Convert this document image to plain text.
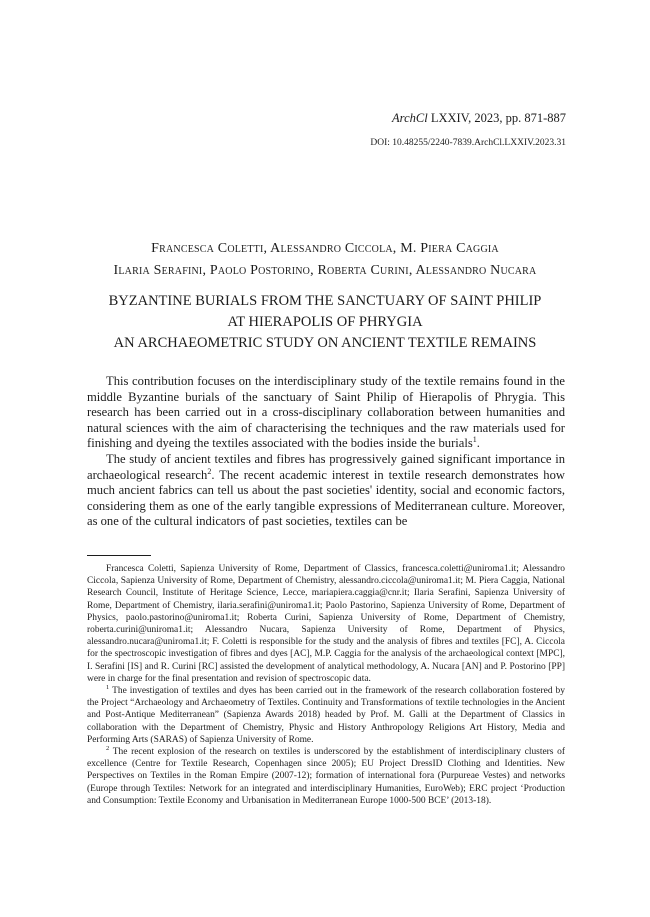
ArchCl LXXIV, 2023, pp. 871-887
DOI: 10.48255/2240-7839.ArchCl.LXXIV.2023.31
Francesca Coletti, Alessandro Ciccola, M. Piera Caggia
Ilaria Serafini, Paolo Postorino, Roberta Curini, Alessandro Nucara
BYZANTINE BURIALS FROM THE SANCTUARY OF SAINT PHILIP
AT HIERAPOLIS OF PHRYGIA
AN ARCHAEOMETRIC STUDY ON ANCIENT TEXTILE REMAINS

This contribution focuses on the interdisciplinary study of the textile remains found in the middle Byzantine burials of the sanctuary of Saint Philip of Hierapolis of Phrygia. This research has been carried out in a cross-disciplinary collaboration between humanities and natural sciences with the aim of characterising the techniques and the raw materials used for finishing and dyeing the textiles associated with the bodies inside the burials$^1$.

The study of ancient textiles and fibres has progressively gained significant importance in archaeological research$^2$. The recent academic interest in textile research demonstrates how much ancient fabrics can tell us about the past societies' identity, social and economic factors, considering them as one of the early tangible expressions of Mediterranean culture. Moreover, as one of the cultural indicators of past societies, textiles can be

Francesca Coletti, Sapienza University of Rome, Department of Classics, francesca.coletti@uniroma1.it; Alessandro Ciccola, Sapienza University of Rome, Department of Chemistry, alessandro.ciccola@uniroma1.it; M. Piera Caggia, National Research Council, Institute of Heritage Science, Lecce, mariapiera.caggia@cnr.it; Ilaria Serafini, Sapienza University of Rome, Department of Chemistry, ilaria.serafini@uniroma1.it; Paolo Pastorino, Sapienza University of Rome, Department of Physics, paolo.pastorino@uniroma1.it; Roberta Curini, Sapienza University of Rome, Department of Chemistry, roberta.curini@uniroma1.it; Alessandro Nucara, Sapienza University of Rome, Department of Physics, alessandro.nucara@uniroma1.it; F. Coletti is responsible for the study and the analysis of fibres and textiles [FC], A. Ciccola for the spectroscopic investigation of fibres and dyes [AC], M.P. Caggia for the analysis of the archaeological context [MPC], I. Serafini [IS] and R. Curini [RC] assisted the development of analytical methodology, A. Nucara [AN] and P. Postorino [PP] were in charge for the final presentation and revision of spectroscopic data.

$^1$ The investigation of textiles and dyes has been carried out in the framework of the research collaboration fostered by the Project “Archaeology and Archaeometry of Textiles. Continuity and Transformations of textile technologies in the Ancient and Post-Antique Mediterranean” (Sapienza Awards 2018) headed by Prof. M. Galli at the Department of Classics in collaboration with the Department of Chemistry, Physic and History Anthropology Religions Art History, Media and Performing Arts (SARAS) of Sapienza University of Rome.

$^2$ The recent explosion of the research on textiles is underscored by the establishment of interdisciplinary clusters of excellence (Centre for Textile Research, Copenhagen since 2005); EU Project DressID Clothing and Identities. New Perspectives on Textiles in the Roman Empire (2007-12); formation of international fora (Purpureae Vestes) and networks (Europe through Textiles: Network for an integrated and interdisciplinary Humanities, EuroWeb); ERC project ‘Production and Consumption: Textile Economy and Urbanisation in Mediterranean Europe 1000-500 BCE’ (2013-18).
